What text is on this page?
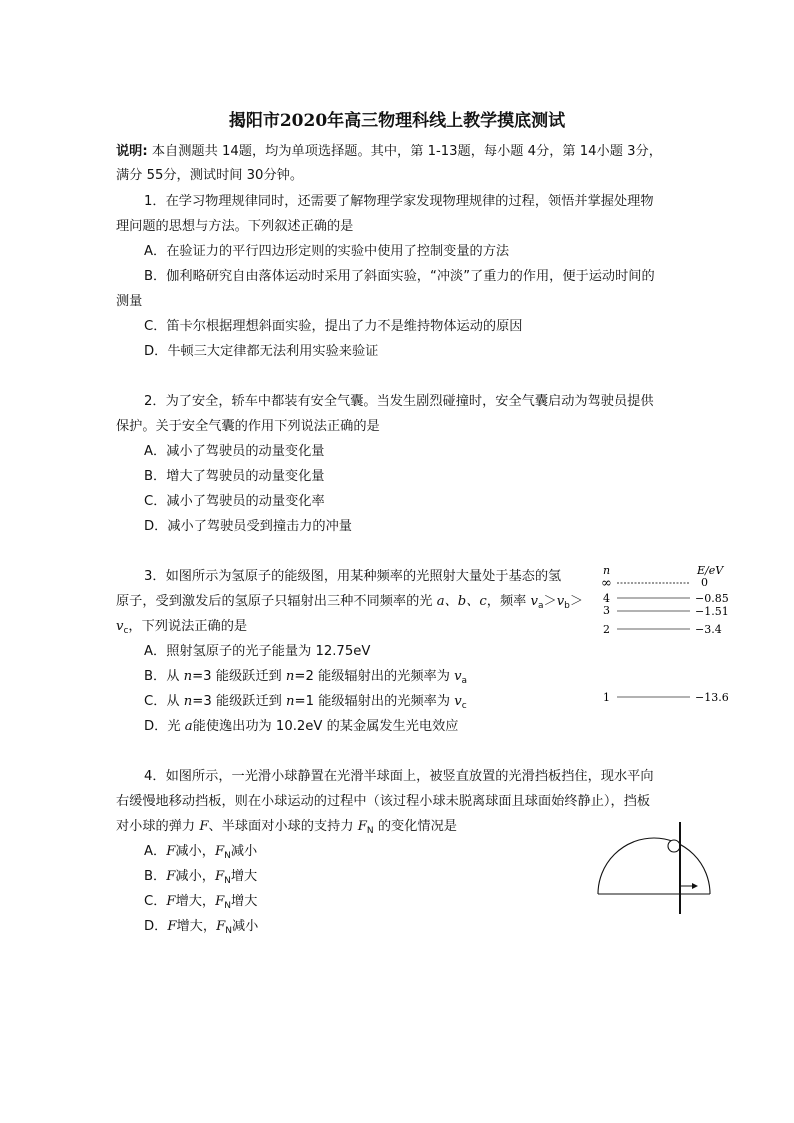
揭阳市2020年高三物理科线上教学摸底测试
说明: 本自测题共 14题，均为单项选择题。其中，第 1-13题，每小题 4分，第 14小题 3分，
满分 55分，测试时间 30分钟。
1．在学习物理规律同时，还需要了解物理学家发现物理规律的过程，领悟并掌握处理物
理问题的思想与方法。下列叙述正确的是
A．在验证力的平行四边形定则的实验中使用了控制变量的方法
B．伽利略研究自由落体运动时采用了斜面实验，“冲淡”了重力的作用，便于运动时间的
测量
C．笛卡尔根据理想斜面实验，提出了力不是维持物体运动的原因
D．牛顿三大定律都无法利用实验来验证
2．为了安全，轿车中都装有安全气囊。当发生剧烈碰撞时，安全气囊启动为驾驶员提供
保护。关于安全气囊的作用下列说法正确的是
A．减小了驾驶员的动量变化量
B．增大了驾驶员的动量变化量
C．减小了驾驶员的动量变化率
D．减小了驾驶员受到撞击力的冲量
3．如图所示为氢原子的能级图，用某种频率的光照射大量处于基态的氢
原子，受到激发后的氢原子只辐射出三种不同频率的光 a、b、c，频率 $v_a>v_b>$
$v_c$，下列说法正确的是
A．照射氢原子的光子能量为 12.75eV
B．从 n=3 能级跃迁到 n=2 能级辐射出的光频率为 $v_a$
C．从 n=3 能级跃迁到 n=1 能级辐射出的光频率为 $v_c$
D．光 a能使逸出功为 10.2eV 的某金属发生光电效应
n	E/eV
∞	0
4	−0.85
3	−1.51
2	−3.4
1	−13.6
4．如图所示，一光滑小球静置在光滑半球面上，被竖直放置的光滑挡板挡住，现水平向
右缓慢地移动挡板，则在小球运动的过程中（该过程小球未脱离球面且球面始终静止），挡板
对小球的弹力 F、半球面对小球的支持力 $F_N$ 的变化情况是
A．F减小，$F_N$减小
B．F减小，$F_N$增大
C．F增大，$F_N$增大
D．F增大，$F_N$减小
